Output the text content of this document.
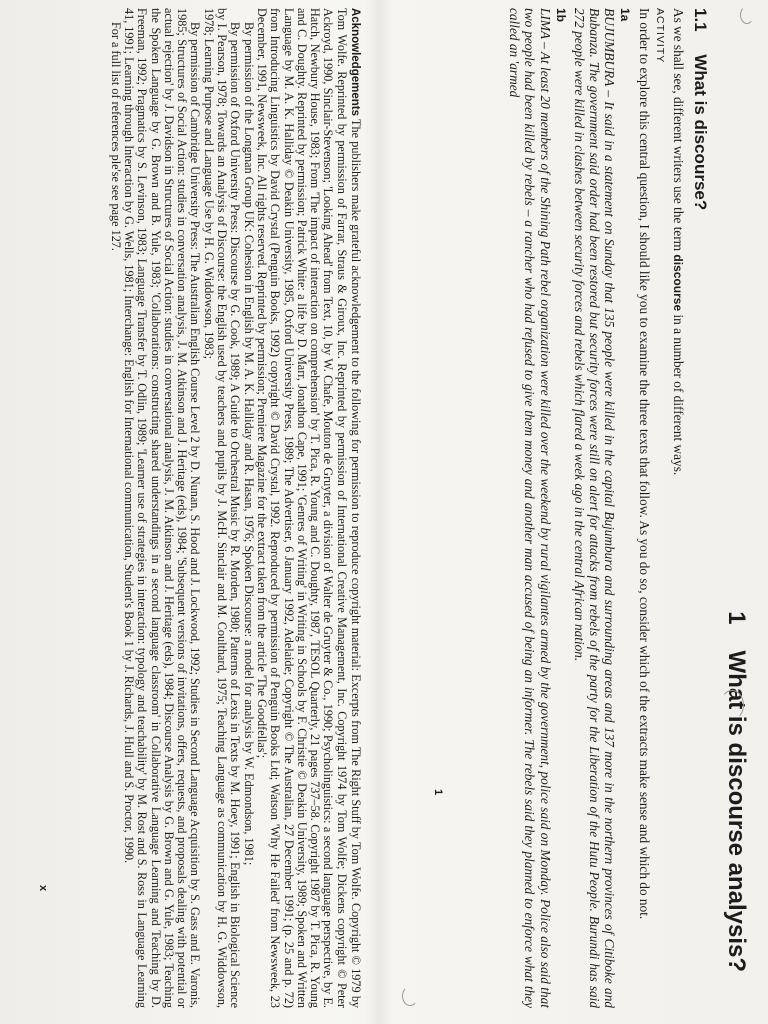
Acknowledgements The publishers make grateful acknowledgement to the following for permission to reproduce copyright material: Excerpts from The Right Stuff by Tom Wolfe. Copyright © 1979 by Tom Wolfe. Reprinted by permission of Farrar, Straus & Giroux, Inc. Reprinted by permission of International Creative Management, Inc. Copyright 1974 by Tom Wolfe; Dickens copyright © Peter Ackroyd, 1990, Sinclair-Stevenson; 'Looking Ahead' from Text, 10, by W. Chafe, Mouton de Gruyter, a division of Walter de Gruyter & Co., 1990; Psycholinguistics: a second language perspective, by E. Hatch, Newbury House, 1983; From 'The impact of interaction on comprehension' by T. Pica, R. Young and C. Doughty, 1987, TESOL Quarterly, 21 pages 737–58. Copyright 1987 by T. Pica, R. Young and C. Doughty. Reprinted by permission; Patrick White: a life by D. Marr, Jonathon Cape, 1991; 'Genres of Writing' in Writing in Schools by F. Christie © Deakin University, 1989; Spoken and Written Language by M. A. K. Halliday © Deakin University, 1985, Oxford University Press, 1989; The Advertiser, 6 January 1992, Adelaide; Copyright © The Australian, 27 December 1991; (p. 25 and p. 72) from Introducing Linguistics by David Crystal (Penguin Books, 1992) copyright © David Crystal, 1992. Reproduced by permission of Penguin Books Ltd; Watson 'Why He Failed' from Newsweek, 23 December, 1991, Newsweek, Inc. All rights reserved. Reprinted by permission; Premiere Magazine for the extract taken from the article 'The Goodfellas';

By permission of the Longman Group UK: Cohesion in English by M. A. K. Halliday and R. Hasan, 1976; Spoken Discourse: a model for analysis by W. Edmondson, 1981;

By permission of Oxford University Press: Discourse by G. Cook, 1989; A Guide to Orchestral Music by R. Morden, 1980; Patterns of Lexis in Texts by M. Hoey, 1991; English in Biological Science by I. Pearson, 1978; Towards an Analysis of Discourse: the English used by teachers and pupils by J. McH. Sinclair and M. Coulthard, 1975; Teaching Language as communication by H. G. Widdowson, 1978; Learning Purpose and Language Use by H. G. Widdowson, 1983;

By permission of Cambridge University Press: The Australian English Course Level 2 by D. Nunan, S. Hood and J. Lockwood, 1992; Studies in Second Language Acquisition by S. Gass and E. Varonis, 1985; Structures of Social Action: studies in conversation analysis, J. M. Atkinson and J. Heritage (eds), 1984; 'Subsequent versions of invitations, offers, requests, and proposals dealing with potential or actual rejection' by J. Davidson in Structures of Social Action: studies in conversational analysis, J. M. Atkinson and J. Heritage (eds), 1984; Discourse Analysis by G. Brown and G. Yule, 1983; Teaching the Spoken Language by G. Brown and B. Yule, 1983; 'Collaborations: constructing shared understandings in a second language classroom' in Collaborative Language Learning and Teaching by D. Freeman, 1992; Pragmatics by S. Levinson, 1983; Language Transfer by T. Odlin, 1989; 'Learner use of strategies in interaction: typology and teachability' by M. Rost and S. Ross in Language Learning 41, 1991; Learning through Interaction by G. Wells, 1981; Interchange: English for International communication, Student's Book 1 by J. Richards, J. Hull and S. Proctor, 1990.

For a full list of references ple'se see page 127.

1
What is discourse analysis?
1.1 What is discourse?

As we shall see, different writers use the term discourse in a number of different ways.

ACTIVITY

In order to explore this central question, I should like you to examine the three texts that follow. As you do so, consider which of the extracts make sense and which do not.

1a

BUJUMBURA – It said in a statement on Sunday that 135 people were killed in the capital Bujumbura and surrounding areas and 137 more in the northern provinces of Citiboke and Bubanza. The government said order had been restored but security forces were still on alert for attacks from rebels of the party for the Liberation of the Hutu People. Burundi has said 272 people were killed in clashes between security forces and rebels which flared a week ago in the central African nation.

1b

LIMA – At least 20 members of the Shining Path rebel organization were killed over the weekend by rural vigilantes armed by the government, police said on Monday. Police also said that two people had been killed by rebels – a rancher who had refused to give them money and another man accused of being an informer. The rebels said they planned to enforce what they called an 'armed

x
1
